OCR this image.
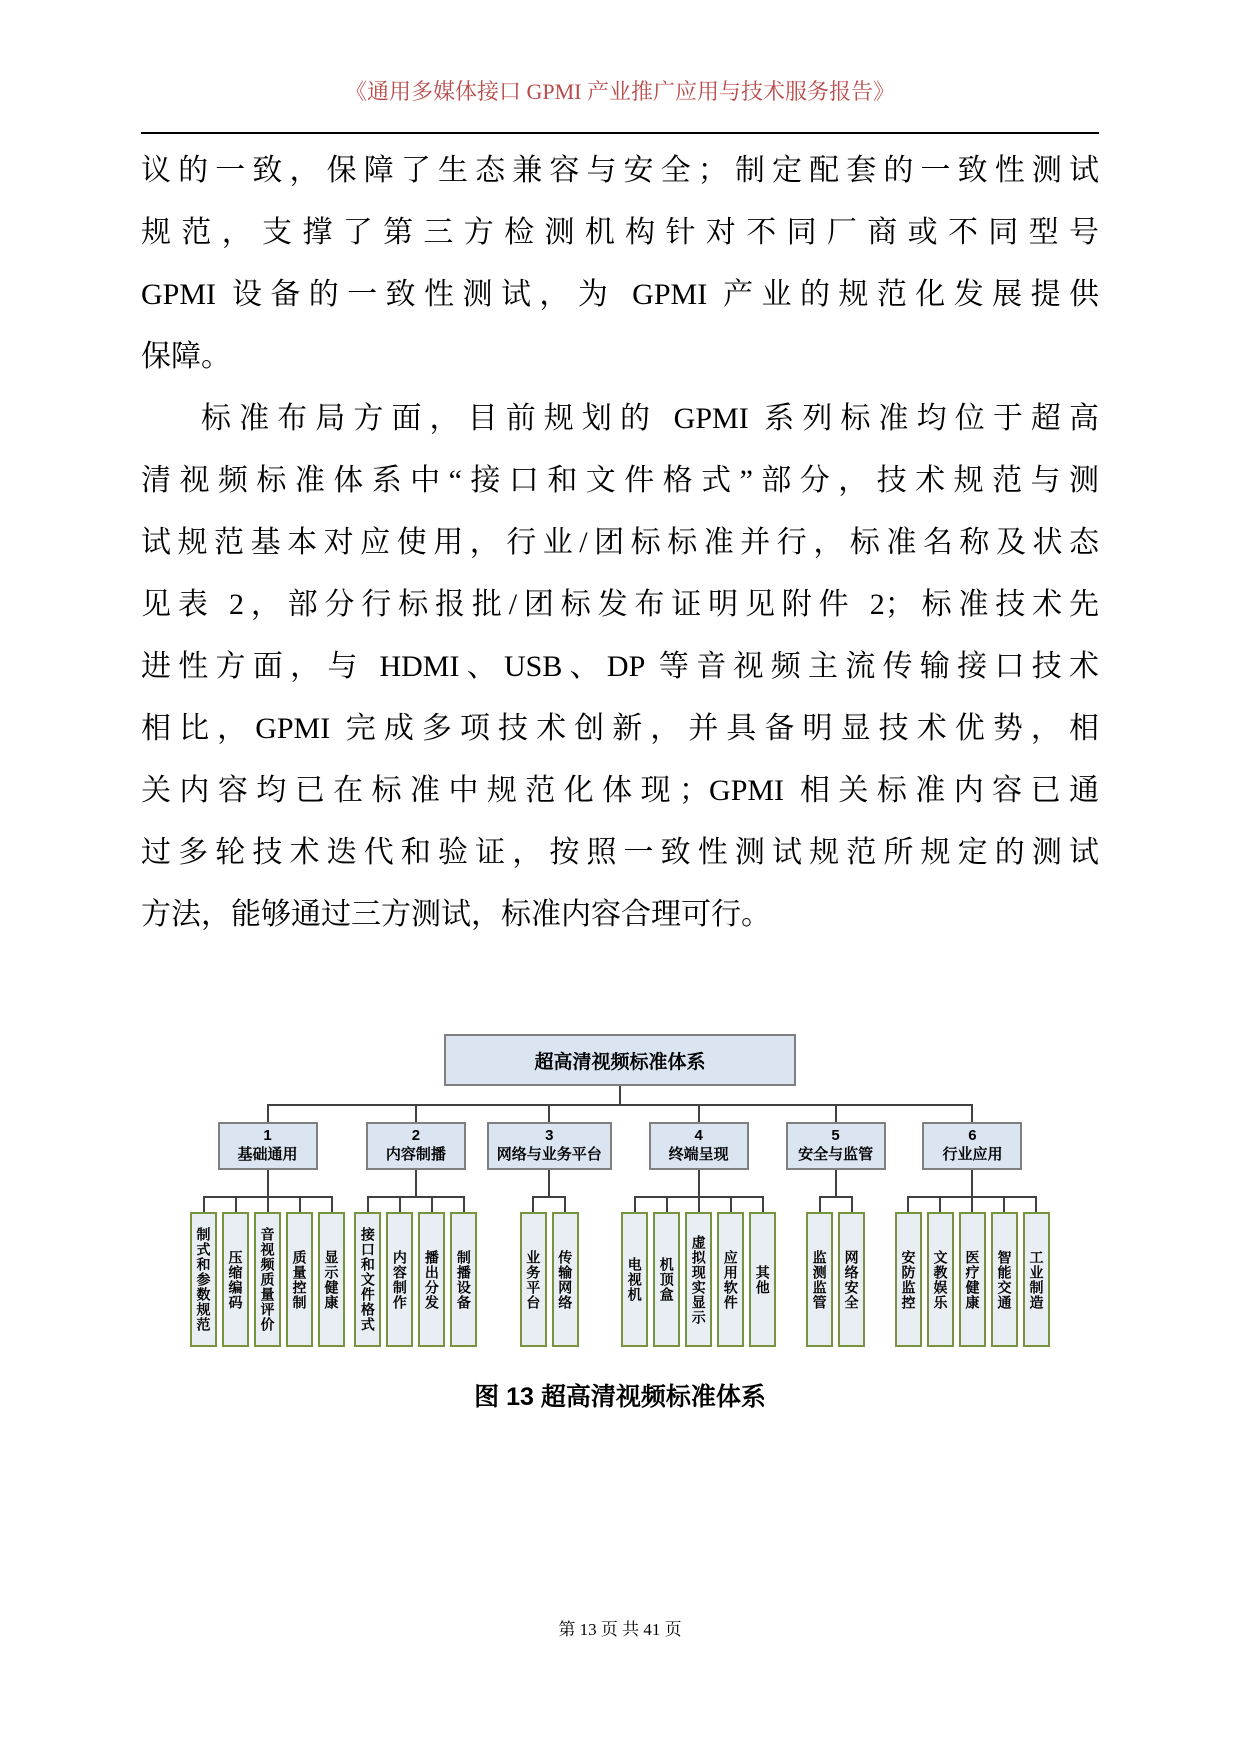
《通用多媒体接口 GPMI 产业推广应用与技术服务报告》
议的一致，保障了生态兼容与安全；制定配套的一致性测试
规范，支撑了第三方检测机构针对不同厂商或不同型号
GPMI 设备的一致性测试，为 GPMI 产业的规范化发展提供
保障。
标准布局方面，目前规划的 GPMI 系列标准均位于超高
清视频标准体系中“接口和文件格式”部分，技术规范与测
试规范基本对应使用，行业/团标标准并行，标准名称及状态
见表 2，部分行标报批/团标发布证明见附件 2；标准技术先
进性方面，与 HDMI、USB、DP 等音视频主流传输接口技术
相比，GPMI 完成多项技术创新，并具备明显技术优势，相
关内容均已在标准中规范化体现；GPMI 相关标准内容已通
过多轮技术迭代和验证，按照一致性测试规范所规定的测试
方法，能够通过三方测试，标准内容合理可行。
超高清视频标准体系
1
基础通用
制式和参数规范	压缩编码	音视频质量评价	质量控制	显示健康
2
内容制播
接口和文件格式	内容制作	播出分发	制播设备
3
网络与业务平台
业务平台	传输网络
4
终端呈现
电视机	机顶盒	虚拟现实显示	应用软件	其他
5
安全与监管
监测监管	网络安全
6
行业应用
安防监控	文教娱乐	医疗健康	智能交通	工业制造
图 13 超高清视频标准体系
第 13 页 共 41 页
